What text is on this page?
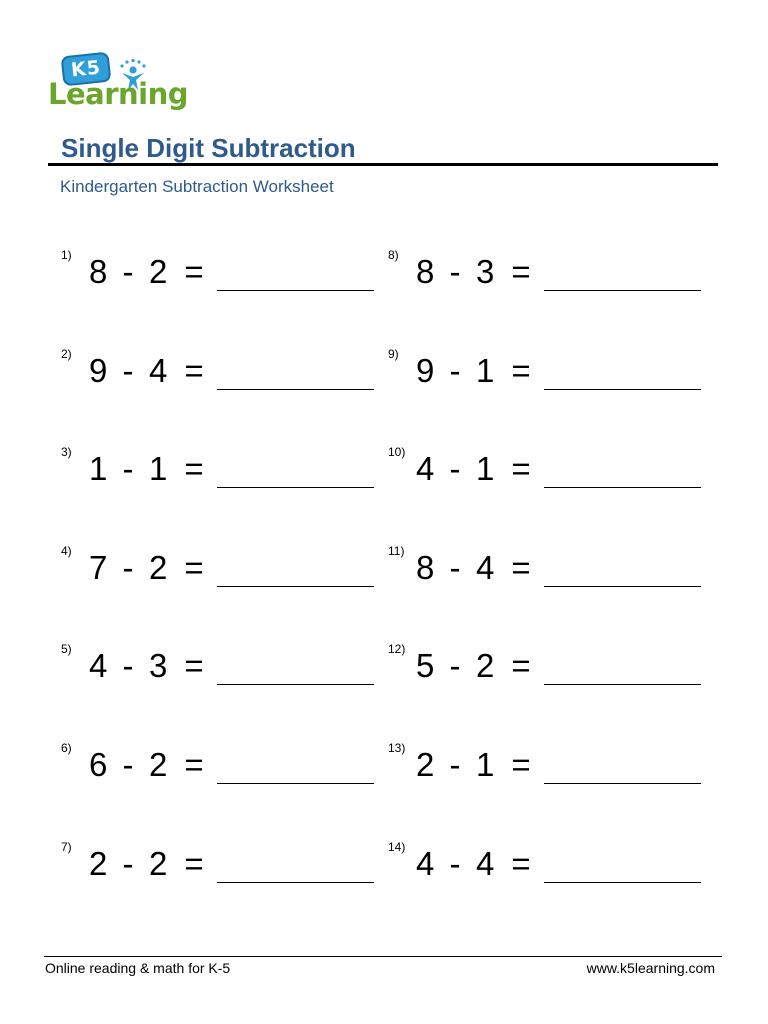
K5
Learning
Single Digit Subtraction
Kindergarten Subtraction Worksheet
1) 8 - 2 =
2) 9 - 4 =
3) 1 - 1 =
4) 7 - 2 =
5) 4 - 3 =
6) 6 - 2 =
7) 2 - 2 =
8) 8 - 3 =
9) 9 - 1 =
10) 4 - 1 =
11) 8 - 4 =
12) 5 - 2 =
13) 2 - 1 =
14) 4 - 4 =
Online reading & math for K-5	www.k5learning.com
